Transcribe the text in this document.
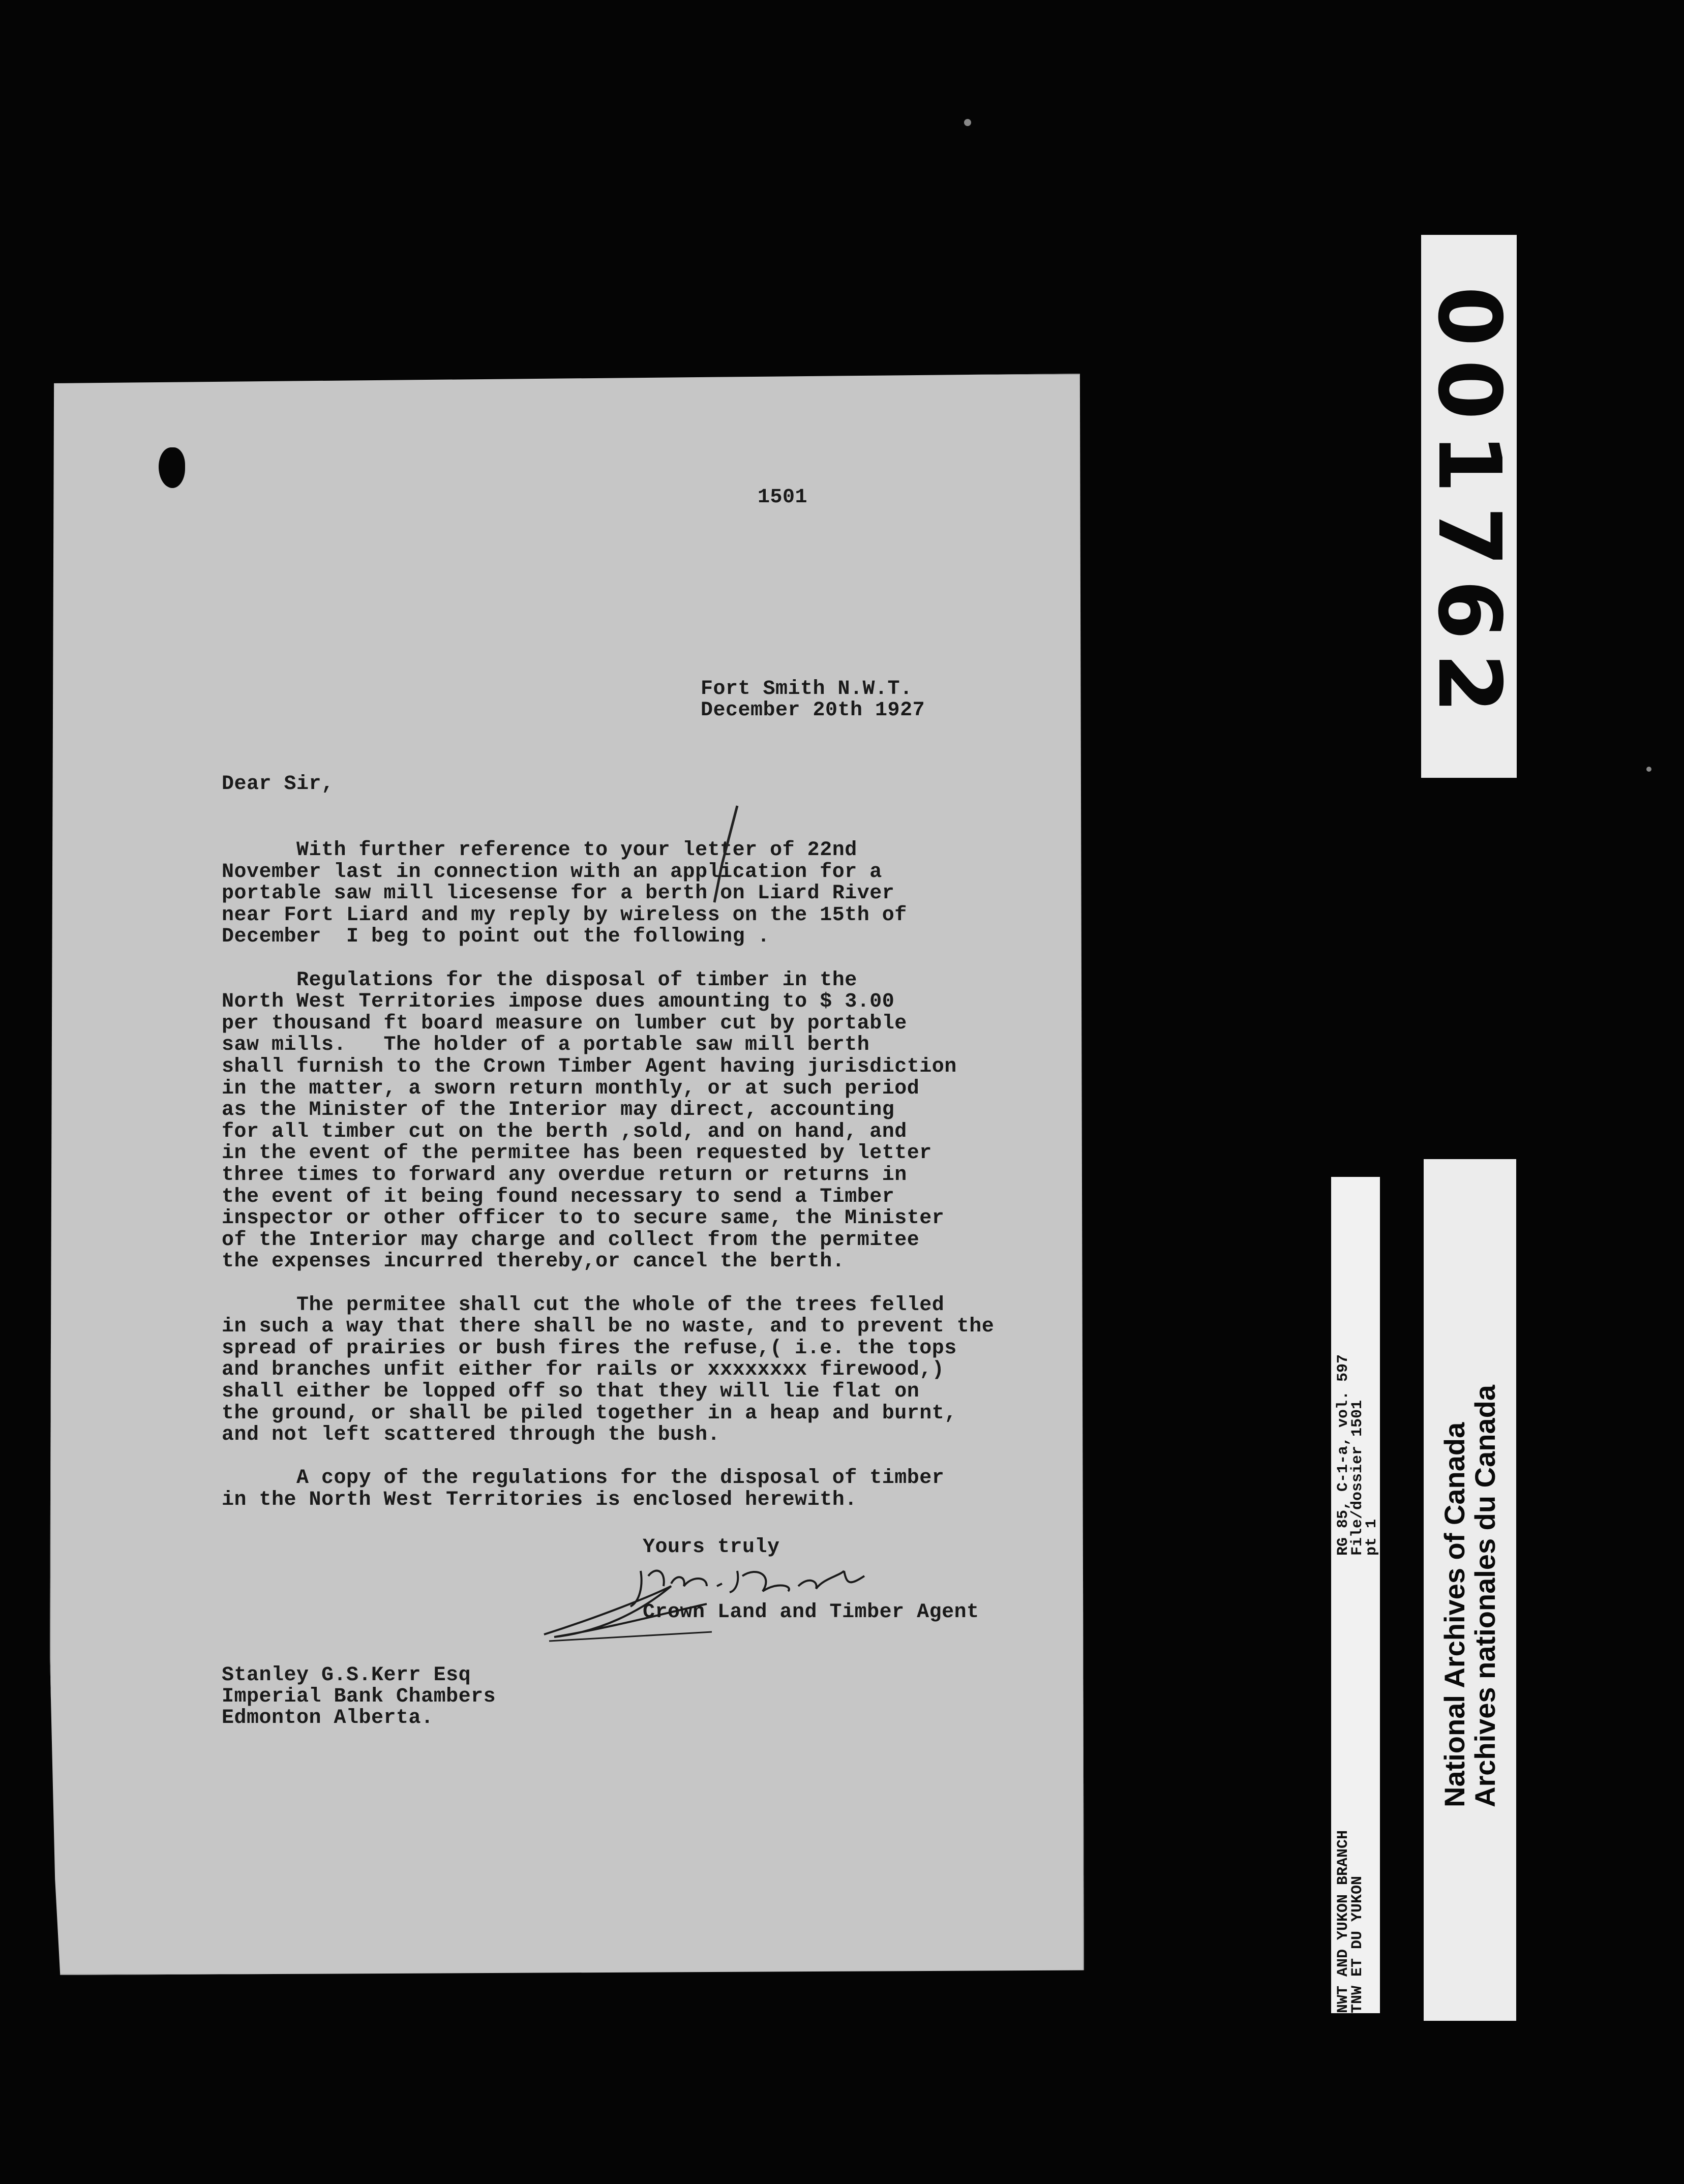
1501
Fort Smith N.W.T.
December 20th 1927
Dear Sir,
With further reference to your letter of 22nd
November last in connection with an application for a
portable saw mill licesense for a berth on Liard River
near Fort Liard and my reply by wireless on the 15th of
December  I beg to point out the following .
Regulations for the disposal of timber in the
North West Territories impose dues amounting to $ 3.00
per thousand ft board measure on lumber cut by portable
saw mills.   The holder of a portable saw mill berth
shall furnish to the Crown Timber Agent having jurisdiction
in the matter, a sworn return monthly, or at such period
as the Minister of the Interior may direct, accounting
for all timber cut on the berth ,sold, and on hand, and
in the event of the permitee has been requested by letter
three times to forward any overdue return or returns in
the event of it being found necessary to send a Timber
inspector or other officer to to secure same, the Minister
of the Interior may charge and collect from the permitee
the expenses incurred thereby,or cancel the berth.
The permitee shall cut the whole of the trees felled
in such a way that there shall be no waste, and to prevent the
spread of prairies or bush fires the refuse,( i.e. the tops
and branches unfit either for rails or xxxxxxxx firewood,)
shall either be lopped off so that they will lie flat on
the ground, or shall be piled together in a heap and burnt,
and not left scattered through the bush.
A copy of the regulations for the disposal of timber
in the North West Territories is enclosed herewith.
Yours truly
Crown Land and Timber Agent
Stanley G.S.Kerr Esq
Imperial Bank Chambers
Edmonton Alberta.
001762
NWT AND YUKON BRANCH
TNW ET DU YUKON
RG 85, C-1-a, vol. 597
File/dossier 1501
pt 1 National Archives of Canada
Archives nationales du Canada
